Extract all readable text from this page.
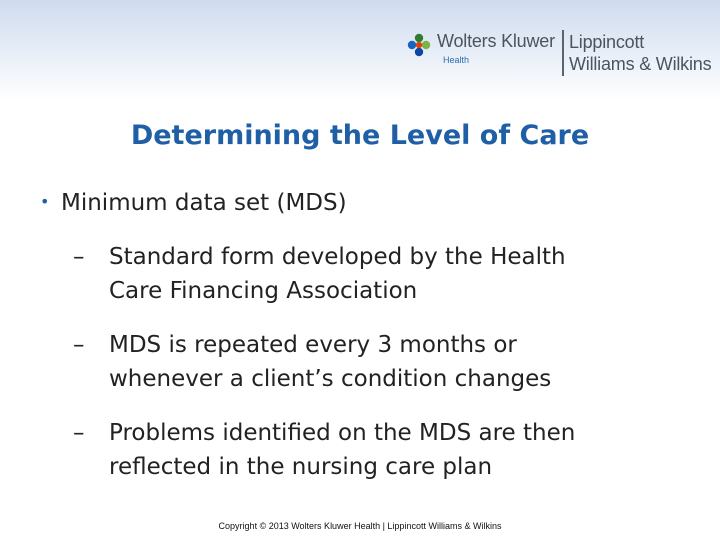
Wolters Kluwer
Health
Lippincott
Williams & Wilkins
Determining the Level of Care
• Minimum data set (MDS)
– Standard form developed by the Health
Care Financing Association
– MDS is repeated every 3 months or
whenever a client’s condition changes
– Problems identified on the MDS are then
reflected in the nursing care plan
Copyright © 2013 Wolters Kluwer Health | Lippincott Williams & Wilkins
